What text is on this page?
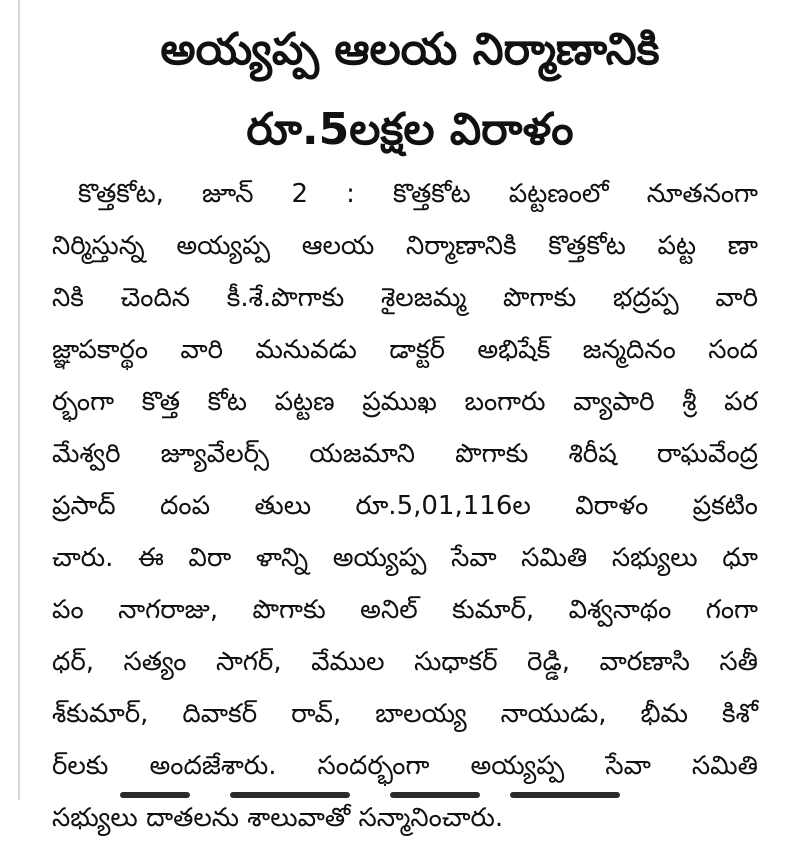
అయ్యప్ప ఆలయ నిర్మాణానికి
రూ.5లక్షల విరాళం
కొత్తకోట, జూన్ 2 : కొత్తకోట పట్టణంలో నూతనంగా
నిర్మిస్తున్న అయ్యప్ప ఆలయ నిర్మాణానికి కొత్తకోట పట్ట ణా
నికి చెందిన కీ.శే.పొగాకు శైలజమ్మ పొగాకు భద్రప్ప వారి
జ్ఞాపకార్థం వారి మనువడు డాక్టర్ అభిషేక్ జన్మదినం సంద
ర్భంగా కొత్త కోట పట్టణ ప్రముఖ బంగారు వ్యాపారి శ్రీ పర
మేశ్వరి జ్యూవేలర్స్ యజమాని పొగాకు శిరీష రాఘవేంద్ర
ప్రసాద్ దంప తులు రూ.5,01,116ల విరాళం ప్రకటిం
చారు. ఈ విరా ళాన్ని అయ్యప్ప సేవా సమితి సభ్యులు ధూ
పం నాగరాజు, పొగాకు అనిల్ కుమార్, విశ్వనాథం గంగా
ధర్, సత్యం సాగర్, వేముల సుధాకర్ రెడ్డి, వారణాసి సతీ
శ్‌కుమార్, దివాకర్ రావ్, బాలయ్య నాయుడు, భీమ కిశో
ర్‌లకు అందజేశారు. సందర్భంగా అయ్యప్ప సేవా సమితి
సభ్యులు దాతలను శాలువాతో సన్మానించారు.
